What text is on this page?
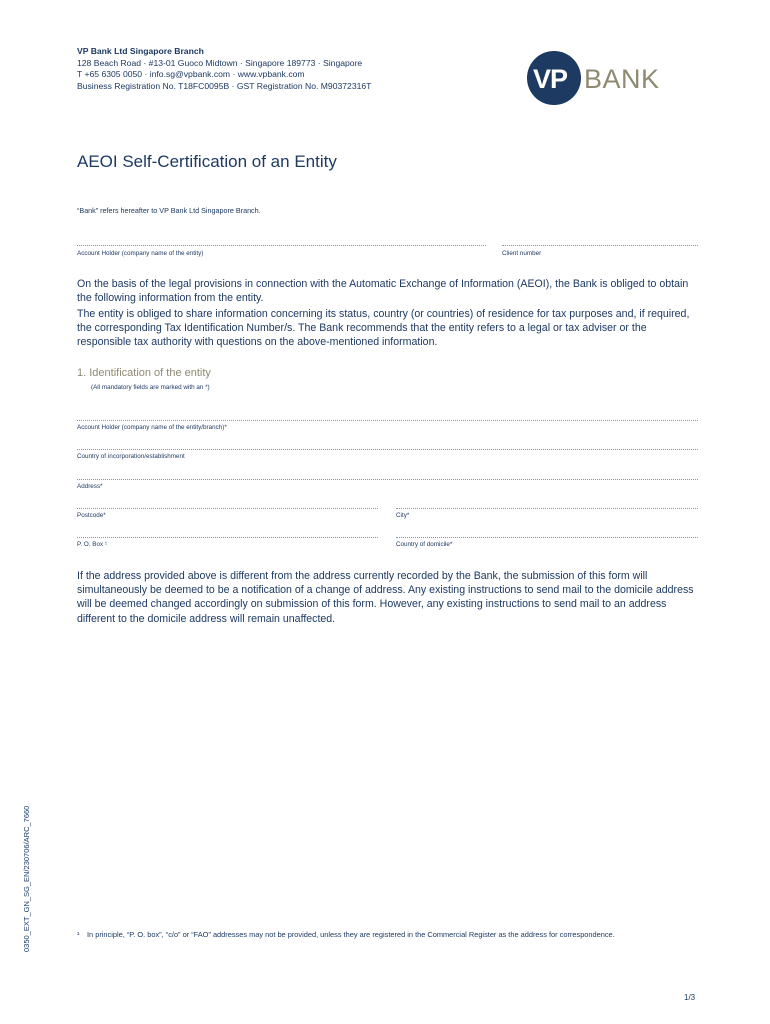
VP Bank Ltd Singapore Branch
128 Beach Road · #13-01 Guoco Midtown · Singapore 189773 · Singapore
T +65 6305 0050 · info.sg@vpbank.com · www.vpbank.com
Business Registration No. T18FC0095B · GST Registration No. M90372316T	VP BANK
AEOI Self-Certification of an Entity
“Bank” refers hereafter to VP Bank Ltd Singapore Branch.
Account Holder (company name of the entity)	Client number
On the basis of the legal provisions in connection with the Automatic Exchange of Information (AEOI), the Bank is obliged to obtain the following information from the entity.
The entity is obliged to share information concerning its status, country (or countries) of residence for tax purposes and, if required, the corresponding Tax Identification Number/s. The Bank recommends that the entity refers to a legal or tax adviser or the responsible tax authority with questions on the above-mentioned information.
1. Identification of the entity
(All mandatory fields are marked with an *)
Account Holder (company name of the entity/branch)*
Country of incorporation/establishment
Address*
Postcode*	City*
P. O. Box ¹	Country of domicile*
If the address provided above is different from the address currently recorded by the Bank, the submission of this form will simultaneously be deemed to be a notification of a change of address. Any existing instructions to send mail to the domicile address will be deemed changed accordingly on submission of this form. However, any existing instructions to send mail to an address different to the domicile address will remain unaffected.
¹ In principle, “P. O. box”, “c/o” or “FAO” addresses may not be provided, unless they are registered in the Commercial Register as the address for correspondence.
0350_EXT_GN_SG_EN/230706/ARC_7660
1/3
